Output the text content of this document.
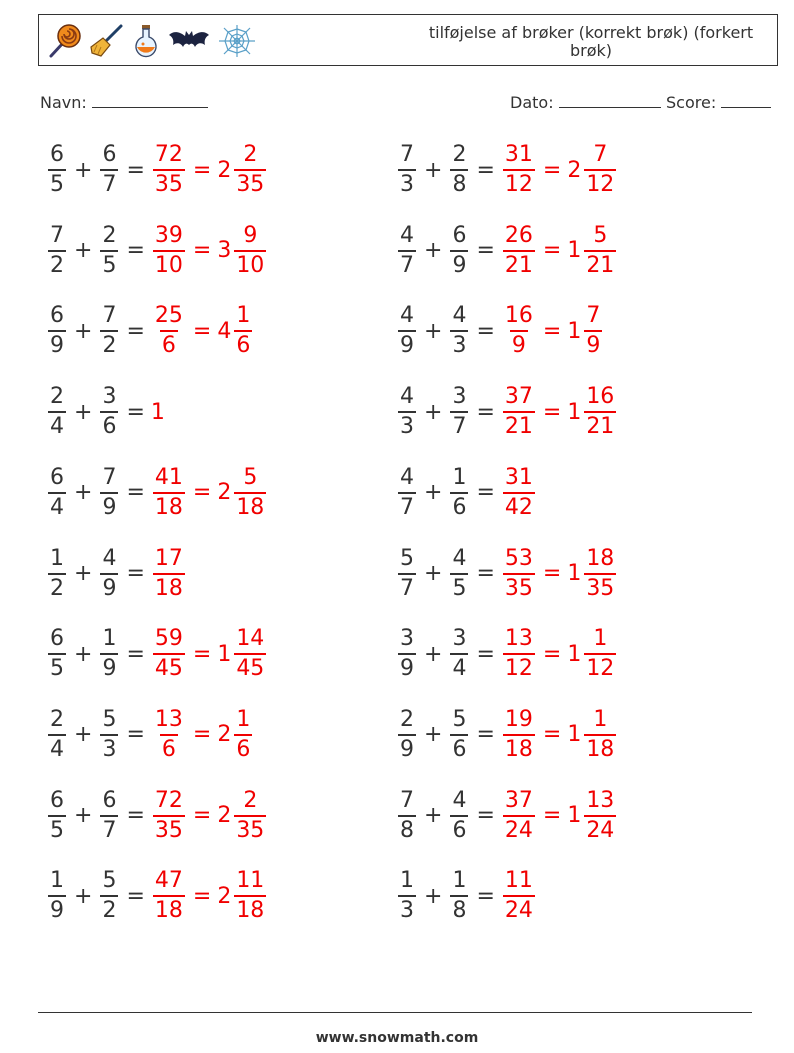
tilføjelse af brøker (korrekt brøk) (forkert brøk)
Navn:	Dato:	Score:
$\frac{6}{5} + \frac{6}{7} = \frac{72}{35} = 2 \frac{2}{35}$	$\frac{7}{3} + \frac{2}{8} = \frac{31}{12} = 2 \frac{7}{12}$
$\frac{7}{2} + \frac{2}{5} = \frac{39}{10} = 3 \frac{9}{10}$	$\frac{4}{7} + \frac{6}{9} = \frac{26}{21} = 1 \frac{5}{21}$
$\frac{6}{9} + \frac{7}{2} = \frac{25}{6} = 4 \frac{1}{6}$	$\frac{4}{9} + \frac{4}{3} = \frac{16}{9} = 1 \frac{7}{9}$
$\frac{2}{4} + \frac{3}{6} = 1$	$\frac{4}{3} + \frac{3}{7} = \frac{37}{21} = 1 \frac{16}{21}$
$\frac{6}{4} + \frac{7}{9} = \frac{41}{18} = 2 \frac{5}{18}$	$\frac{4}{7} + \frac{1}{6} = \frac{31}{42}$
$\frac{1}{2} + \frac{4}{9} = \frac{17}{18}$	$\frac{5}{7} + \frac{4}{5} = \frac{53}{35} = 1 \frac{18}{35}$
$\frac{6}{5} + \frac{1}{9} = \frac{59}{45} = 1 \frac{14}{45}$	$\frac{3}{9} + \frac{3}{4} = \frac{13}{12} = 1 \frac{1}{12}$
$\frac{2}{4} + \frac{5}{3} = \frac{13}{6} = 2 \frac{1}{6}$	$\frac{2}{9} + \frac{5}{6} = \frac{19}{18} = 1 \frac{1}{18}$
$\frac{6}{5} + \frac{6}{7} = \frac{72}{35} = 2 \frac{2}{35}$	$\frac{7}{8} + \frac{4}{6} = \frac{37}{24} = 1 \frac{13}{24}$
$\frac{1}{9} + \frac{5}{2} = \frac{47}{18} = 2 \frac{11}{18}$	$\frac{1}{3} + \frac{1}{8} = \frac{11}{24}$
www.snowmath.com
